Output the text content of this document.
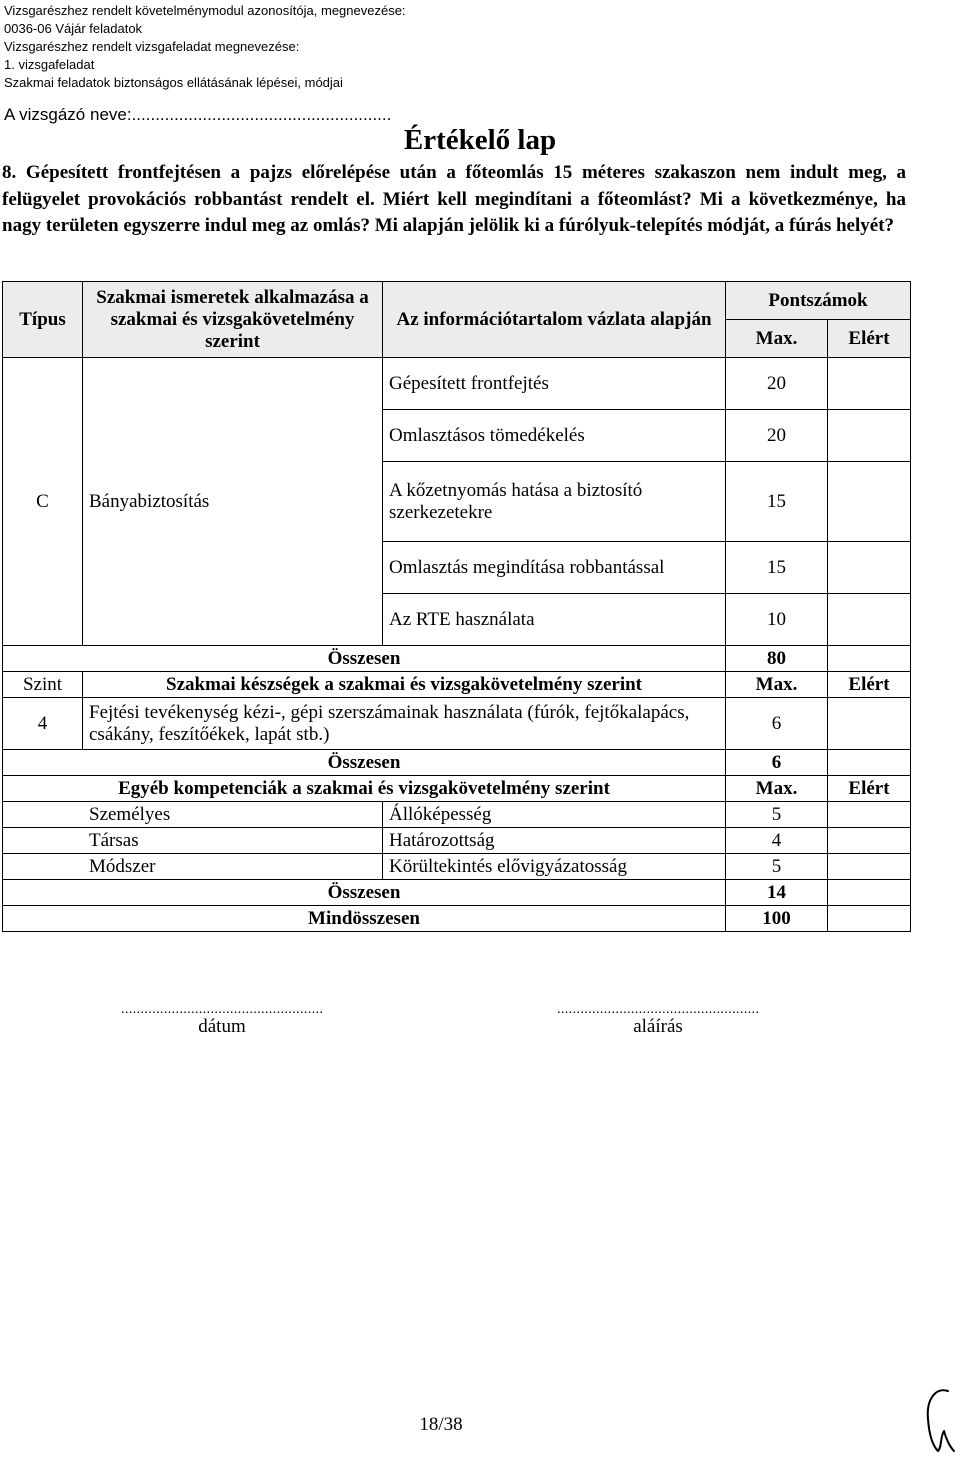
Vizsgarészhez rendelt követelménymodul azonosítója, megnevezése:
0036-06 Vájár feladatok
Vizsgarészhez rendelt vizsgafeladat megnevezése:
1. vizsgafeladat
Szakmai feladatok biztonságos ellátásának lépései, módjai
A vizsgázó neve:.......................................................
Értékelő lap
8. Gépesített frontfejtésen a pajzs előrelépése után a főteomlás 15 méteres szakaszon nem indult meg, a felügyelet provokációs robbantást rendelt el. Miért kell megindítani a főteomlást? Mi a következménye, ha nagy területen egyszerre indul meg az omlás? Mi alapján jelölik ki a fúrólyuk-telepítés módját, a fúrás helyét?
Típus	Szakmai ismeretek alkalmazása a szakmai és vizsgakövetelmény szerint	Az információtartalom vázlata alapján	Pontszámok	
			Max.	Elért
C	Bányabiztosítás	Gépesített frontfejtés	20	
		Omlasztásos tömedékelés	20	
		A kőzetnyomás hatása a biztosító szerkezetekre	15	
		Omlasztás megindítása robbantással	15	
		Az RTE használata	10	
Összesen			80	
Szint	Szakmai készségek a szakmai és vizsgakövetelmény szerint		Max.	Elért
4	Fejtési tevékenység kézi-, gépi szerszámainak használata (fúrók, fejtőkalapács, csákány, feszítőékek, lapát stb.)		6	
Összesen			6	
Egyéb kompetenciák a szakmai és vizsgakövetelmény szerint			Max.	Elért
Személyes		Állóképesség	5	
Társas		Határozottság	4	
Módszer		Körültekintés elővigyázatosság	5	
Összesen			14	
Mindösszesen			100	
....................................................
dátum
....................................................
aláírás
18/38
